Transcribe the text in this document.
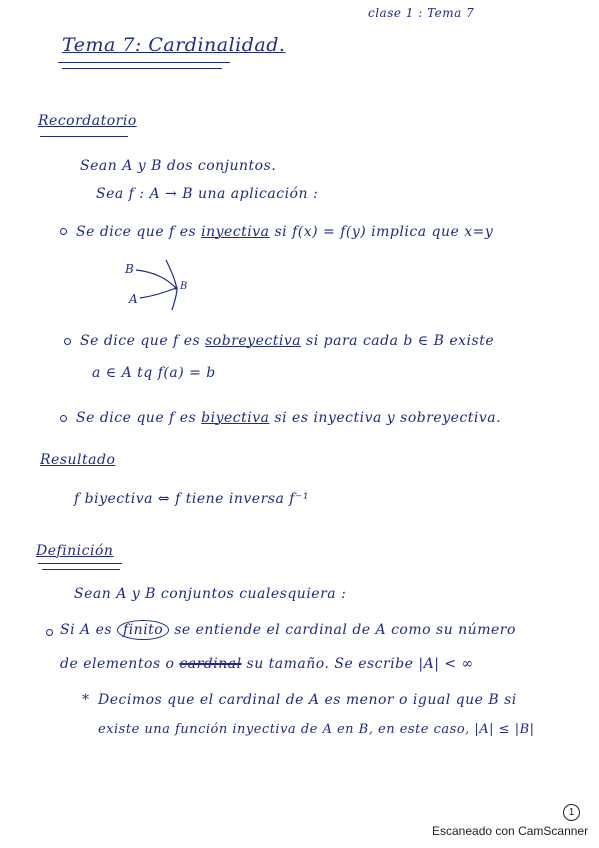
clase 1 : Tema 7
Tema 7: Cardinalidad.
Recordatorio
Sean A y B dos conjuntos.
Sea f : A → B una aplicación :
Se dice que f es inyectiva si f(x) = f(y) implica que x=y
B
A
B
Se dice que f es sobreyectiva si para cada b ∈ B existe
a ∈ A tq f(a) = b
Se dice que f es biyectiva si es inyectiva y sobreyectiva.
Resultado
f biyectiva ⇔ f tiene inversa f⁻¹
Definición
Sean A y B conjuntos cualesquiera :
Si A es finito se entiende el cardinal de A como su número
de elementos o cardinal su tamaño. Se escribe |A| < ∞
* Decimos que el cardinal de A es menor o igual que B si
existe una función inyectiva de A en B, en este caso, |A| ≤ |B|
1
Escaneado con CamScanner
